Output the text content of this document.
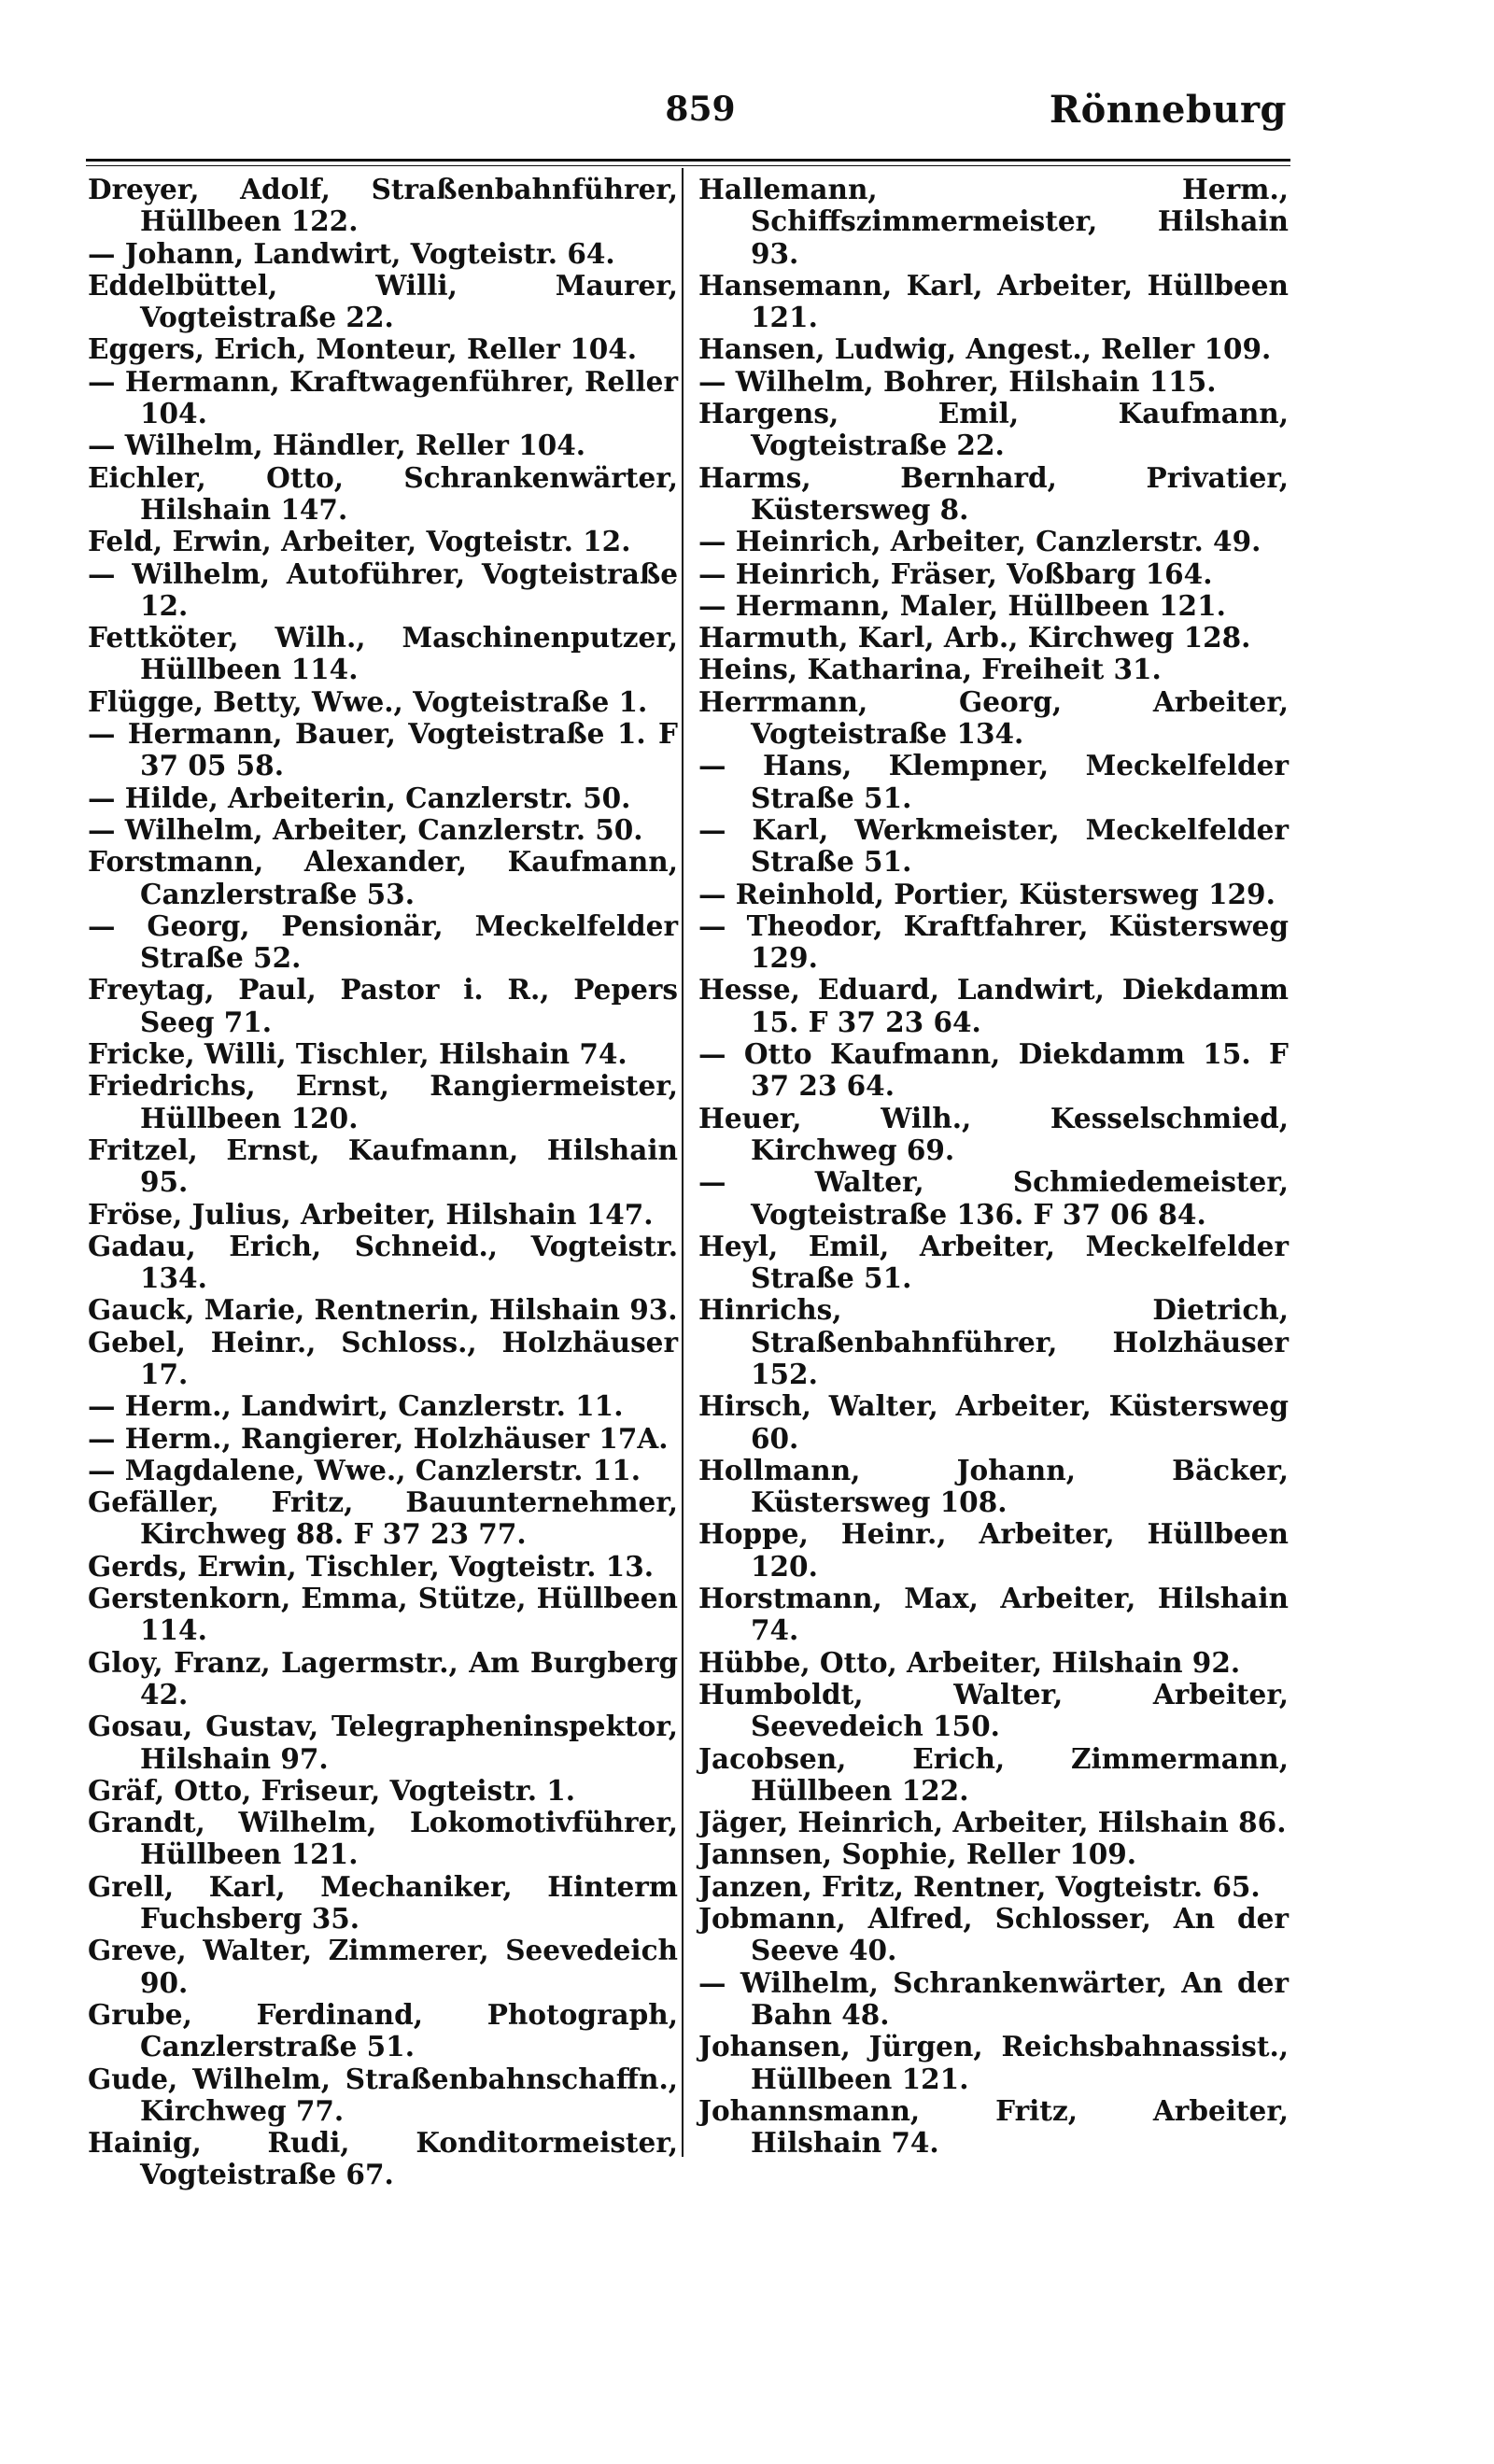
859	Rönneburg

Dreyer, Adolf, Straßenbahnführer, Hüllbeen 122.

— Johann, Landwirt, Vogteistr. 64.

Eddelbüttel, Willi, Maurer, Vogteistraße 22.

Eggers, Erich, Monteur, Reller 104.

— Hermann, Kraftwagenführer, Reller 104.

— Wilhelm, Händler, Reller 104.

Eichler, Otto, Schrankenwärter, Hilshain 147.

Feld, Erwin, Arbeiter, Vogteistr. 12.

— Wilhelm, Autoführer, Vogteistraße 12.

Fettköter, Wilh., Maschinenputzer, Hüllbeen 114.

Flügge, Betty, Wwe., Vogteistraße 1.

— Hermann, Bauer, Vogteistraße 1. F 37 05 58.

— Hilde, Arbeiterin, Canzlerstr. 50.

— Wilhelm, Arbeiter, Canzlerstr. 50.

Forstmann, Alexander, Kaufmann, Canzlerstraße 53.

— Georg, Pensionär, Meckelfelder Straße 52.

Freytag, Paul, Pastor i. R., Pepers Seeg 71.

Fricke, Willi, Tischler, Hilshain 74.

Friedrichs, Ernst, Rangiermeister, Hüllbeen 120.

Fritzel, Ernst, Kaufmann, Hilshain 95.

Fröse, Julius, Arbeiter, Hilshain 147.

Gadau, Erich, Schneid., Vogteistr. 134.

Gauck, Marie, Rentnerin, Hilshain 93.

Gebel, Heinr., Schloss., Holzhäuser 17.

— Herm., Landwirt, Canzlerstr. 11.

— Herm., Rangierer, Holzhäuser 17A.

— Magdalene, Wwe., Canzlerstr. 11.

Gefäller, Fritz, Bauunternehmer, Kirchweg 88. F 37 23 77.

Gerds, Erwin, Tischler, Vogteistr. 13.

Gerstenkorn, Emma, Stütze, Hüllbeen 114.

Gloy, Franz, Lagermstr., Am Burgberg 42.

Gosau, Gustav, Telegrapheninspektor, Hilshain 97.

Gräf, Otto, Friseur, Vogteistr. 1.

Grandt, Wilhelm, Lokomotivführer, Hüllbeen 121.

Grell, Karl, Mechaniker, Hinterm Fuchsberg 35.

Greve, Walter, Zimmerer, Seevedeich 90.

Grube, Ferdinand, Photograph, Canzlerstraße 51.

Gude, Wilhelm, Straßenbahnschaffn., Kirchweg 77.

Hainig, Rudi, Konditormeister, Vogteistraße 67.

Hallemann, Herm., Schiffszimmermeister, Hilshain 93.

Hansemann, Karl, Arbeiter, Hüllbeen 121.

Hansen, Ludwig, Angest., Reller 109.

— Wilhelm, Bohrer, Hilshain 115.

Hargens, Emil, Kaufmann, Vogteistraße 22.

Harms, Bernhard, Privatier, Küstersweg 8.

— Heinrich, Arbeiter, Canzlerstr. 49.

— Heinrich, Fräser, Voßbarg 164.

— Hermann, Maler, Hüllbeen 121.

Harmuth, Karl, Arb., Kirchweg 128.

Heins, Katharina, Freiheit 31.

Herrmann, Georg, Arbeiter, Vogteistraße 134.

— Hans, Klempner, Meckelfelder Straße 51.

— Karl, Werkmeister, Meckelfelder Straße 51.

— Reinhold, Portier, Küstersweg 129.

— Theodor, Kraftfahrer, Küstersweg 129.

Hesse, Eduard, Landwirt, Diekdamm 15. F 37 23 64.

— Otto Kaufmann, Diekdamm 15. F 37 23 64.

Heuer, Wilh., Kesselschmied, Kirchweg 69.

— Walter, Schmiedemeister, Vogteistraße 136. F 37 06 84.

Heyl, Emil, Arbeiter, Meckelfelder Straße 51.

Hinrichs, Dietrich, Straßenbahnführer, Holzhäuser 152.

Hirsch, Walter, Arbeiter, Küstersweg 60.

Hollmann, Johann, Bäcker, Küstersweg 108.

Hoppe, Heinr., Arbeiter, Hüllbeen 120.

Horstmann, Max, Arbeiter, Hilshain 74.

Hübbe, Otto, Arbeiter, Hilshain 92.

Humboldt, Walter, Arbeiter, Seevedeich 150.

Jacobsen, Erich, Zimmermann, Hüllbeen 122.

Jäger, Heinrich, Arbeiter, Hilshain 86.

Jannsen, Sophie, Reller 109.

Janzen, Fritz, Rentner, Vogteistr. 65.

Jobmann, Alfred, Schlosser, An der Seeve 40.

— Wilhelm, Schrankenwärter, An der Bahn 48.

Johansen, Jürgen, Reichsbahnassist., Hüllbeen 121.

Johannsmann, Fritz, Arbeiter, Hilshain 74.
